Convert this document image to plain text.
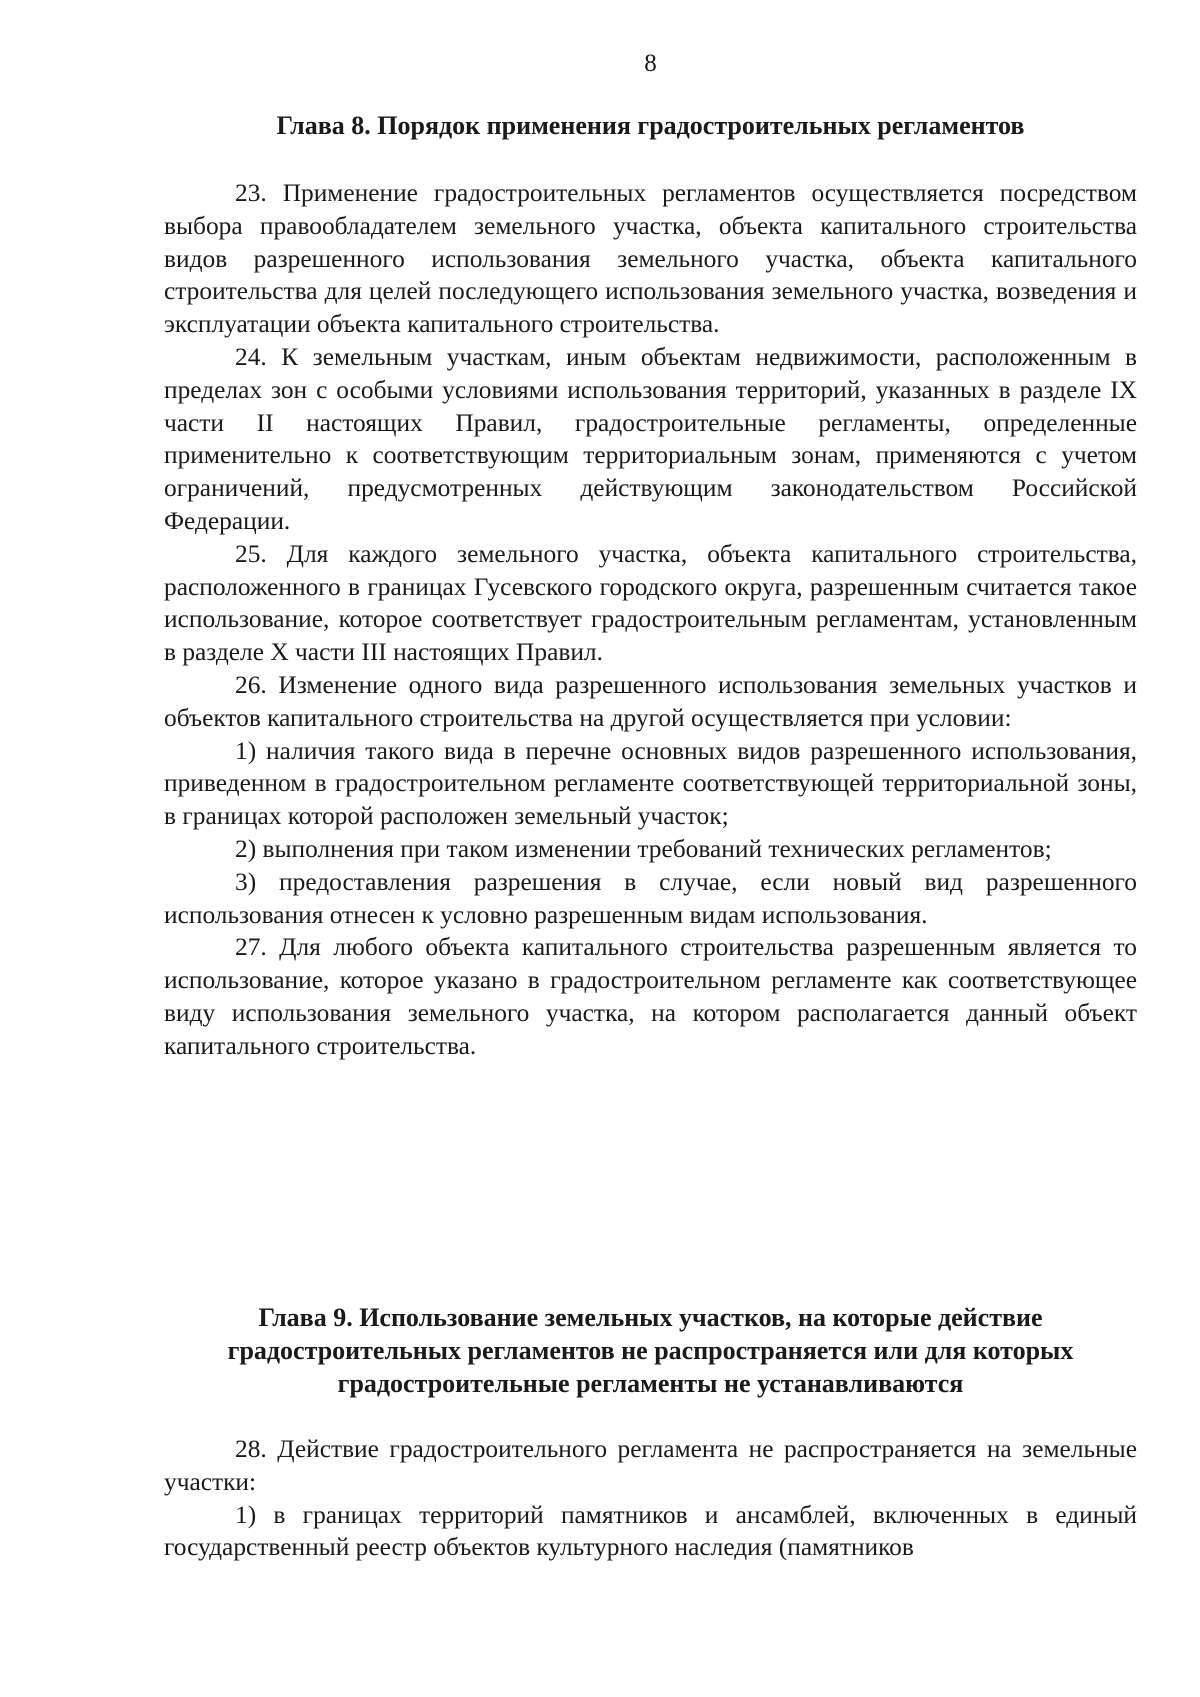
8
Глава 8. Порядок применения градостроительных регламентов

23. Применение градостроительных регламентов осуществляется посредством выбора правообладателем земельного участка, объекта капитального строительства видов разрешенного использования земельного участка, объекта капитального строительства для целей последующего использования земельного участка, возведения и эксплуатации объекта капитального строительства.

24. К земельным участкам, иным объектам недвижимости, расположенным в пределах зон с особыми условиями использования территорий, указанных в разделе IX части II настоящих Правил, градостроительные регламенты, определенные применительно к соответствующим территориальным зонам, применяются с учетом ограничений, предусмотренных действующим законодательством Российской Федерации.

25. Для каждого земельного участка, объекта капитального строительства, расположенного в границах Гусевского городского округа, разрешенным считается такое использование, которое соответствует градостроительным регламентам, установленным в разделе X части III настоящих Правил.

26. Изменение одного вида разрешенного использования земельных участков и объектов капитального строительства на другой осуществляется при условии:

1) наличия такого вида в перечне основных видов разрешенного использования, приведенном в градостроительном регламенте соответствующей территориальной зоны, в границах которой расположен земельный участок;

2) выполнения при таком изменении требований технических регламентов;

3) предоставления разрешения в случае, если новый вид разрешенного использования отнесен к условно разрешенным видам использования.

27. Для любого объекта капитального строительства разрешенным является то использование, которое указано в градостроительном регламенте как соответствующее виду использования земельного участка, на котором располагается данный объект капитального строительства.

Глава 9. Использование земельных участков, на которые действие
градостроительных регламентов не распространяется или для которых
градостроительные регламенты не устанавливаются

28. Действие градостроительного регламента не распространяется на земельные участки:

1) в границах территорий памятников и ансамблей, включенных в единый государственный реестр объектов культурного наследия (памятников
